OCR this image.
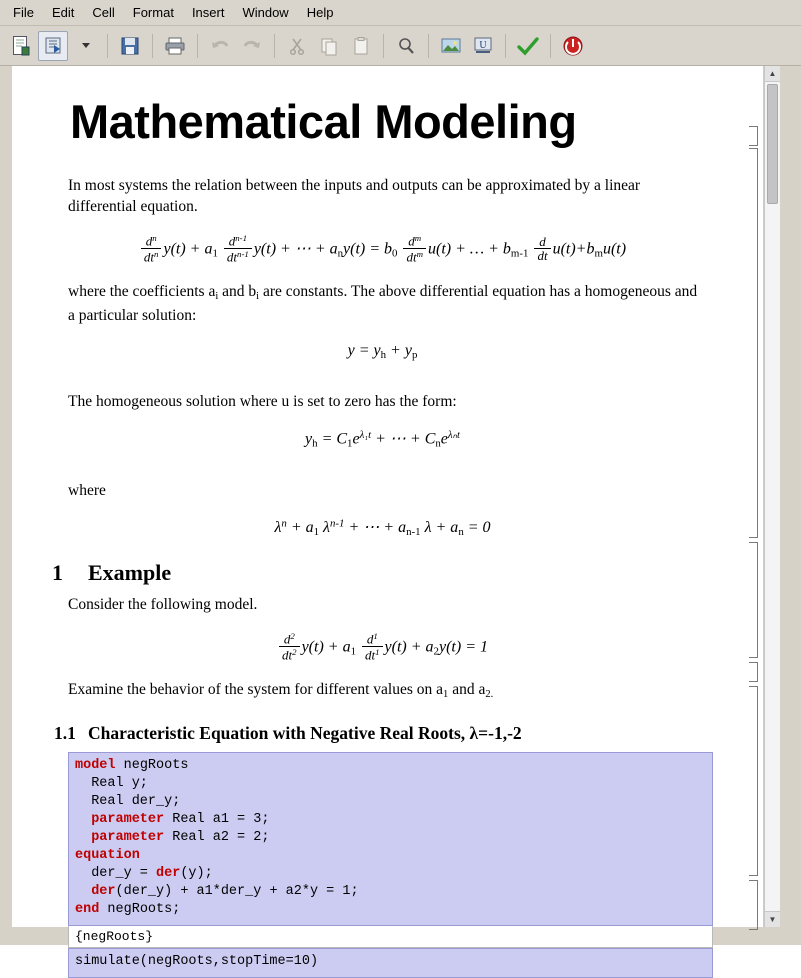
File	Edit	Cell	Format	Insert	Window	Help
U
Mathematical Modeling
In most systems the relation between the inputs and outputs can be approximated by a linear differential equation.
$\frac{d^n}{dt^n} y(t) + a_1 \frac{d^{n-1}}{dt^{n-1}} y(t)$ + ⋯ + $a_ny(t) = b_0 \frac{d^m}{dt^m} u(t)$ + … + $b_{m-1} \frac{d}{dt} u(t)+b_mu(t)$
where the coefficients $a_i$ and $b_i$ are constants. The above differential equation has a homogeneous and a particular solution:
$y = y_h + y_p$
The homogeneous solution where u is set to zero has the form:
$y_h = C_1e^{\lambda_1t}$ + ⋯ + $C_ne^{\lambda_nt}$
where
$\lambda^n + a_1$ $\lambda^{n-1}$ + ⋯ + $a_{n-1}$ $\lambda + a_n = 0$
1 Example
Consider the following model.
$\frac{d^2}{dt^2} y(t) + a_1 \frac{d^1}{dt^1} y(t) + a_2y(t) = 1$
Examine the behavior of the system for different values on $a_1$ and $a_{2.}$
1.1 Characteristic Equation with Negative Real Roots, λ=-1,-2
model negRoots
Real y;
Real der_y;
parameter Real a1 = 3;
parameter Real a2 = 2;
equation
der_y = der(y);
der(der_y) + a1*der_y + a2*y = 1;
end negRoots;
{negRoots}
simulate(negRoots,stopTime=10)
▲
▼
